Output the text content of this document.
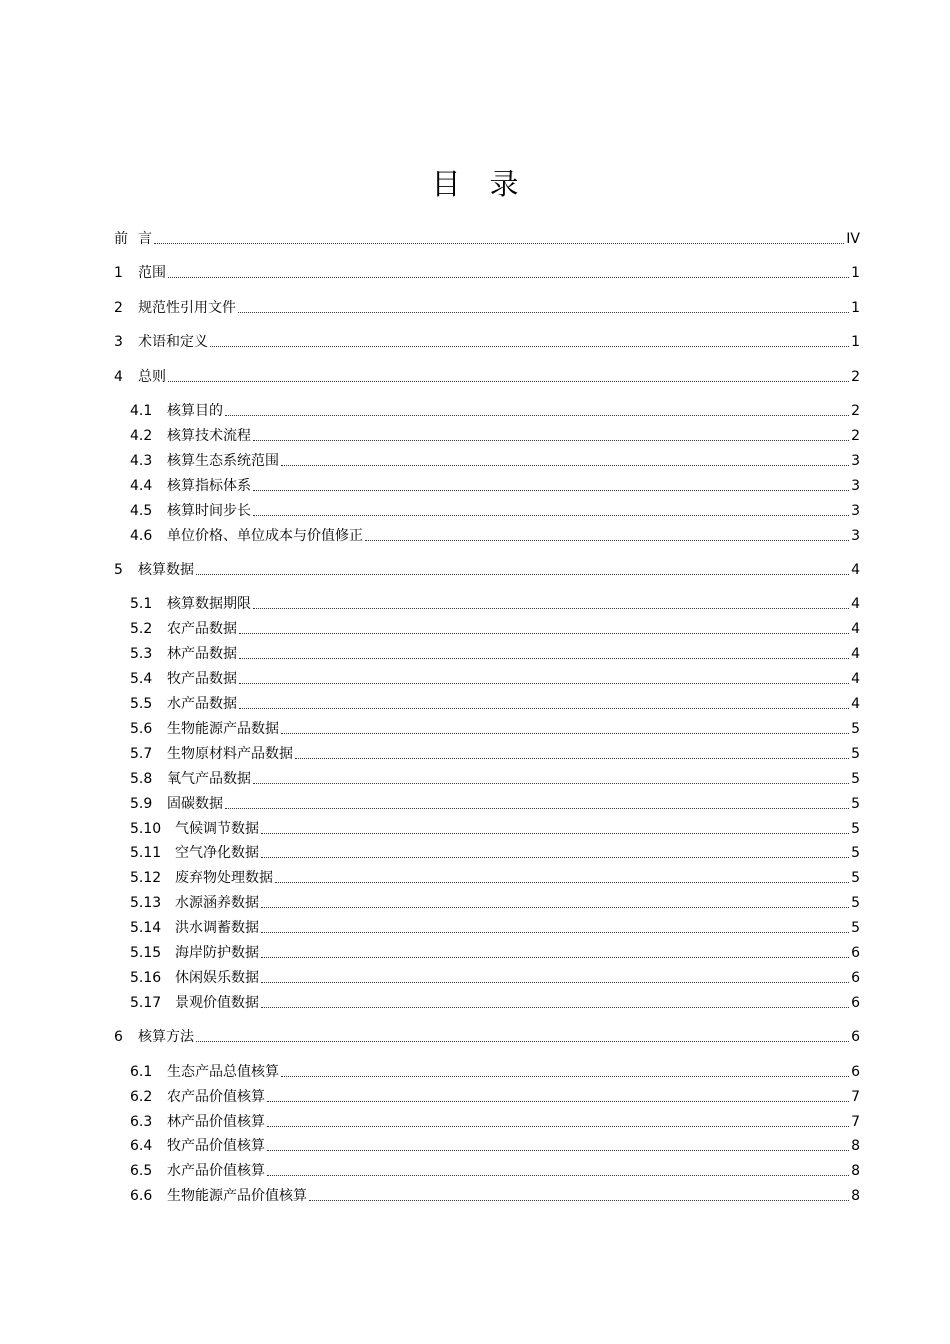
目　录
前 言	IV
1	范围	1
2	规范性引用文件	1
3	术语和定义	1
4	总则	2
4.1	核算目的	2
4.2	核算技术流程	2
4.3	核算生态系统范围	3
4.4	核算指标体系	3
4.5	核算时间步长	3
4.6	单位价格、单位成本与价值修正	3
5	核算数据	4
5.1	核算数据期限	4
5.2	农产品数据	4
5.3	林产品数据	4
5.4	牧产品数据	4
5.5	水产品数据	4
5.6	生物能源产品数据	5
5.7	生物原材料产品数据	5
5.8	氧气产品数据	5
5.9	固碳数据	5
5.10 气候调节数据	5
5.11 空气净化数据	5
5.12 废弃物处理数据	5
5.13 水源涵养数据	5
5.14 洪水调蓄数据	5
5.15 海岸防护数据	6
5.16 休闲娱乐数据	6
5.17 景观价值数据	6
6	核算方法	6
6.1	生态产品总值核算	6
6.2	农产品价值核算	7
6.3	林产品价值核算	7
6.4	牧产品价值核算	8
6.5	水产品价值核算	8
6.6	生物能源产品价值核算	8
